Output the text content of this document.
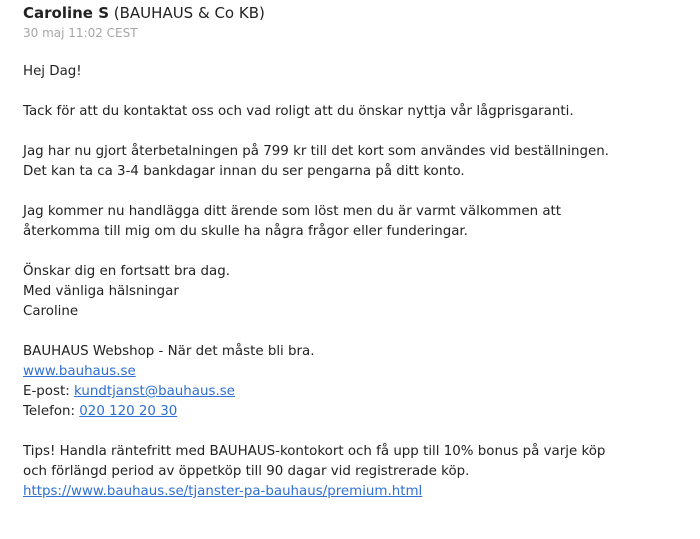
Caroline S (BAUHAUS & Co KB)
30 maj 11:02 CEST

Hej Dag!

Tack för att du kontaktat oss och vad roligt att du önskar nyttja vår lågprisgaranti.

Jag har nu gjort återbetalningen på 799 kr till det kort som användes vid beställningen.
Det kan ta ca 3-4 bankdagar innan du ser pengarna på ditt konto.

Jag kommer nu handlägga ditt ärende som löst men du är varmt välkommen att
återkomma till mig om du skulle ha några frågor eller funderingar.

Önskar dig en fortsatt bra dag.
Med vänliga hälsningar
Caroline

BAUHAUS Webshop - När det måste bli bra.
www.bauhaus.se
E-post: kundtjanst@bauhaus.se
Telefon: 020 120 20 30

Tips! Handla räntefritt med BAUHAUS-kontokort och få upp till 10% bonus på varje köp
och förlängd period av öppetköp till 90 dagar vid registrerade köp.
https://www.bauhaus.se/tjanster-pa-bauhaus/premium.html
